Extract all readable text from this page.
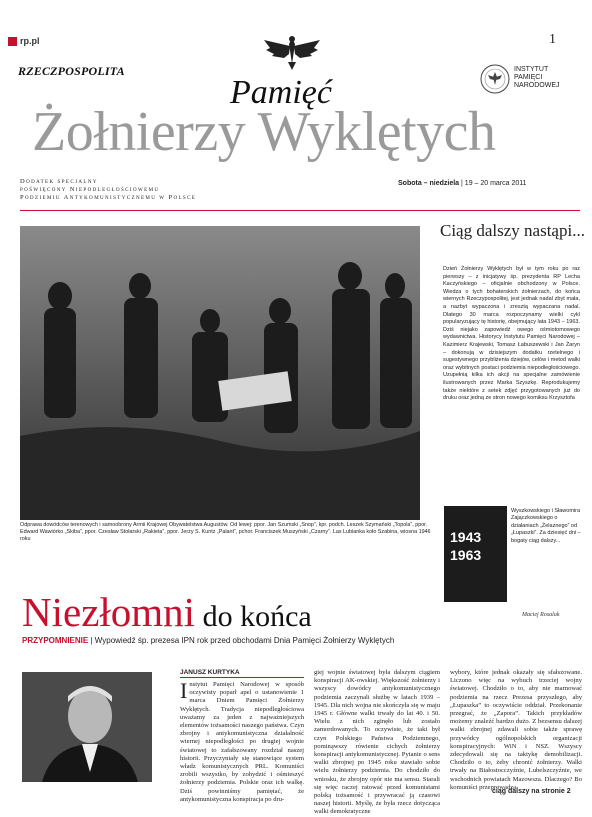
rp.pl	1
RZECZPOSPOLITA	INSTYTUT
PAMIĘCI
NARODOWEJ
Pamięć
Żołnierzy Wyklętych
Dodatek specjalny
poświęcony Niepodległościowemu
Podziemiu Antykomunistycznemu w Polsce
Sobota – niedziela | 19 – 20 marca 2011
Odprawa dowódców terenowych i samoobrony Armii Krajowej Obywatelstwa Augustów. Od lewej: ppor. Jan Szumski „Snop”, kpr. podch. Leszek Szymański „Topola”, ppor. Edward Wawiórko „Skiba”, ppor. Czesław Stołarski „Rakieta”, ppor. Jerzy S. Kuntz „Palant”, pchor. Franciszek Muszyński „Czarny”. Las Lubianka koło Szabina, wiosna 1946 roku
Ciąg dalszy nastąpi...
Dzień Żołnierzy Wyklętych był w tym roku po raz pierwszy – z inicjatywy śp. prezydenta RP Lecha Kaczyńskiego – oficjalnie obchodzony w Polsce. Wiedza o tych bohaterskich żołnierzach, do końca wiernych Rzeczypospolitej, jest jednak nadal zbyt mała, a nazbyt wypaczona i zresztą wypaczana nadal. Dlatego 30 marca rozpoczynamy wielki cykl popularyzujący tę historię, obejmujący lata 1943 – 1963. Dziś niejako zapowiedź owego ośmiotomowego wydawnictwa. Historycy Instytutu Pamięci Narodowej – Kazimierz Krajewski, Tomasz Łabuszewski i Jan Żaryn – dokonują w dzisiejszym dodatku rzetelnego i sugestywnego przybliżenia dziejów, celów i metod walki oraz wybitnych postaci podziemia niepodległościowego. Uzupełnią kilka ich akcji na specjalne zamówienie ilustrowanych przez Marka Szyszkę. Reprodukujemy także niektóre z setek zdjęć przygotowanych już do druku oraz jedną ze stron nowego komiksu Krzysztofa
1943
1963
Wyszkowskiego i Sławomira Zajączkowskiego o działaniach „Żelaznego” od „Łupaszki”. Za dziesięć dni – bogaty ciąg dalszy...
Maciej Rosalak
Niezłomni do końca
PRZYPOMNIENIE | Wypowiedź śp. prezesa IPN rok przed obchodami Dnia Pamięci Żołnierzy Wyklętych
JANUSZ KURTYKA
Instytut Pamięci Narodowej w sposób oczywisty poparł apel o ustanowienie 1 marca Dniem Pamięci Żołnierzy Wyklętych. Tradycja niepodległościowa uważamy za jeden z najważniejszych elementów tożsamości naszego państwa. Czyn zbrojny i antykomunistyczna działalność wiernej niepodległości po drugiej wojnie światowej to zafałszowany rozdział naszej historii. Przyczyniały się stanowiące system władz komunistycznych PRL. Komuniści zrobili wszystko, by zohydzić i ośmieszyć żołnierzy podziemia. Polskie oraz ich walkę. Dziś powinniśmy pamiętać, że antykomunistyczna konspiracja po dru-
giej wojnie światowej była dalszym ciągiem konspiracji AK-owskiej. Większość żołnierzy i wszyscy dowódcy antykomunistycznego podziemia zaczynali służbę w latach 1939 – 1945. Dla nich wojna nie skończyła się w maju 1945 r. Główne walki trwały do lat 40. i 50. Wielu z nich zginęło lub zostało zamordowanych. To oczywiste, że taki był czyn Polskiego Państwa Podziemnego, pominąwszy rówienie cichych żołnierzy konspiracji antykomunistycznej. Pytanie o sens walki zbrojnej po 1945 roku stawiało sobie wielu żołnierzy podziemia. Do chodziło do wniosku, że zbrojny opór nie ma sensu. Starali się więc raczej ratować przed komunistami polską tożsamość i przywracać ją czasowi naszej historii. Myślę, że była rzecz dotycząca walki demokratyczne
wybory, które jednak okazały się sfałszowane. Liczono więc na wybuch trzeciej wojny światowej. Chodziło o to, aby nie marnować podziemia na rzecz Prezesa przyszłego, aby „Łupaszka” to oczywiście oddział. Przekonanie przegrać, że „Zapora”. Takich przykładów możemy znaleźć bardzo dużo. Z bezsensu dalszej walki zbrojnej zdawali sobie także sprawę przywódcy ogólnopolskich organizacji konspiracyjnych: WiN i NSZ. Wszyscy zdecydowali się na taktykę demobilizacji. Chodziło o to, żeby chronić żołnierzy. Walki trwały na Białostocczyźnie, Lubelszczyźnie, we wschodnich powiatach Mazowsza. Dlaczego? Bo komuniści przeprowadza-
ciąg dalszy na stronie 2
